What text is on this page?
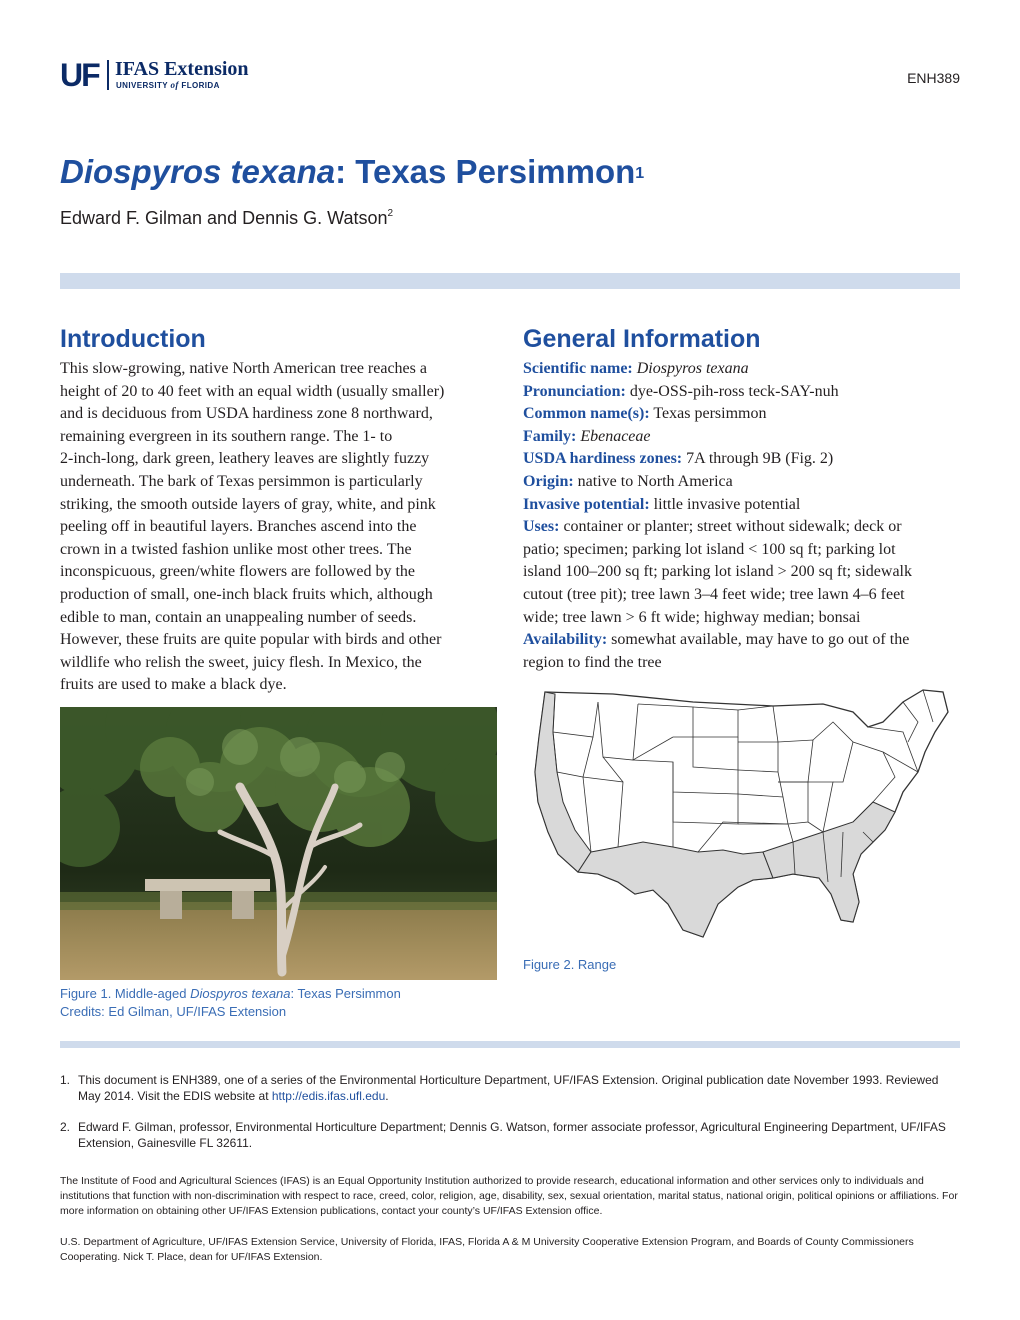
UF IFAS Extension
UNIVERSITY of FLORIDA	ENH389
Diospyros texana: Texas Persimmon$^1$
Edward F. Gilman and Dennis G. Watson$^2$
Introduction
This slow-growing, native North American tree reaches a
height of 20 to 40 feet with an equal width (usually smaller)
and is deciduous from USDA hardiness zone 8 northward,
remaining evergreen in its southern range. The 1- to
2-inch-long, dark green, leathery leaves are slightly fuzzy
underneath. The bark of Texas persimmon is particularly
striking, the smooth outside layers of gray, white, and pink
peeling off in beautiful layers. Branches ascend into the
crown in a twisted fashion unlike most other trees. The
inconspicuous, green/white flowers are followed by the
production of small, one-inch black fruits which, although
edible to man, contain an unappealing number of seeds.
However, these fruits are quite popular with birds and other
wildlife who relish the sweet, juicy flesh. In Mexico, the
fruits are used to make a black dye.
General Information
Scientific name: Diospyros texana
Pronunciation: dye-OSS-pih-ross teck-SAY-nuh
Common name(s): Texas persimmon
Family: Ebenaceae
USDA hardiness zones: 7A through 9B (Fig. 2)
Origin: native to North America
Invasive potential: little invasive potential
Uses: container or planter; street without sidewalk; deck or
patio; specimen; parking lot island < 100 sq ft; parking lot
island 100–200 sq ft; parking lot island > 200 sq ft; sidewalk
cutout (tree pit); tree lawn 3–4 feet wide; tree lawn 4–6 feet
wide; tree lawn > 6 ft wide; highway median; bonsai
Availability: somewhat available, may have to go out of the
region to find the tree
Figure 1. Middle-aged Diospyros texana: Texas Persimmon
Credits: Ed Gilman, UF/IFAS Extension
Figure 2. Range
1. This document is ENH389, one of a series of the Environmental Horticulture Department, UF/IFAS Extension. Original publication date November 1993. Reviewed May 2014. Visit the EDIS website at http://edis.ifas.ufl.edu.
2. Edward F. Gilman, professor, Environmental Horticulture Department; Dennis G. Watson, former associate professor, Agricultural Engineering Department, UF/IFAS Extension, Gainesville FL 32611.
The Institute of Food and Agricultural Sciences (IFAS) is an Equal Opportunity Institution authorized to provide research, educational information and other services only to individuals and institutions that function with non-discrimination with respect to race, creed, color, religion, age, disability, sex, sexual orientation, marital status, national origin, political opinions or affiliations. For more information on obtaining other UF/IFAS Extension publications, contact your county’s UF/IFAS Extension office.
U.S. Department of Agriculture, UF/IFAS Extension Service, University of Florida, IFAS, Florida A & M University Cooperative Extension Program, and Boards of County Commissioners Cooperating. Nick T. Place, dean for UF/IFAS Extension.
